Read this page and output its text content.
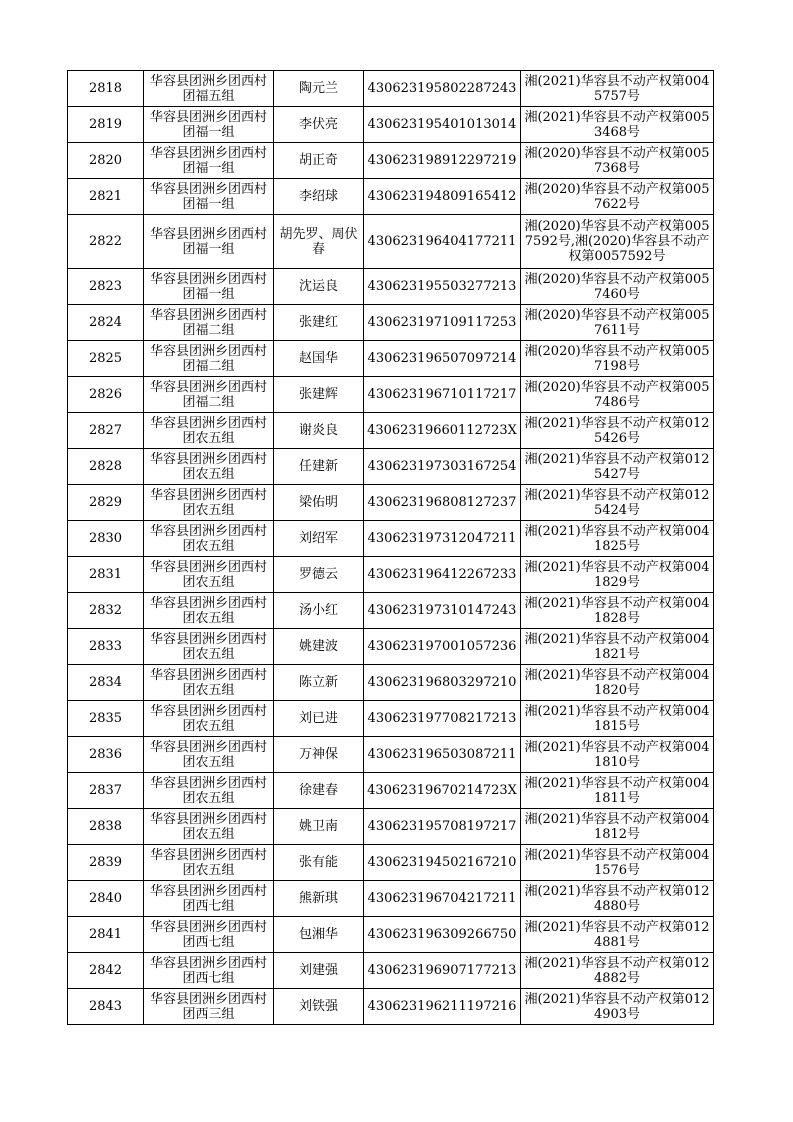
2818	华容县团洲乡团西村团福五组	陶元兰	430623195802287243	湘(2021)华容县不动产权第0045757号
2819	华容县团洲乡团西村团福一组	李伏亮	430623195401013014	湘(2021)华容县不动产权第0053468号
2820	华容县团洲乡团西村团福一组	胡正奇	430623198912297219	湘(2020)华容县不动产权第0057368号
2821	华容县团洲乡团西村团福一组	李绍球	430623194809165412	湘(2020)华容县不动产权第0057622号
2822	华容县团洲乡团西村团福一组	胡先罗、周伏春	430623196404177211	湘(2020)华容县不动产权第0057592号,湘(2020)华容县不动产权第0057592号
2823	华容县团洲乡团西村团福一组	沈运良	430623195503277213	湘(2020)华容县不动产权第0057460号
2824	华容县团洲乡团西村团福二组	张建红	430623197109117253	湘(2020)华容县不动产权第0057611号
2825	华容县团洲乡团西村团福二组	赵国华	430623196507097214	湘(2020)华容县不动产权第0057198号
2826	华容县团洲乡团西村团福二组	张建辉	430623196710117217	湘(2020)华容县不动产权第0057486号
2827	华容县团洲乡团西村团农五组	谢炎良	43062319660112723X	湘(2021)华容县不动产权第0125426号
2828	华容县团洲乡团西村团农五组	任建新	430623197303167254	湘(2021)华容县不动产权第0125427号
2829	华容县团洲乡团西村团农五组	梁佑明	430623196808127237	湘(2021)华容县不动产权第0125424号
2830	华容县团洲乡团西村团农五组	刘绍军	430623197312047211	湘(2021)华容县不动产权第0041825号
2831	华容县团洲乡团西村团农五组	罗德云	430623196412267233	湘(2021)华容县不动产权第0041829号
2832	华容县团洲乡团西村团农五组	汤小红	430623197310147243	湘(2021)华容县不动产权第0041828号
2833	华容县团洲乡团西村团农五组	姚建波	430623197001057236	湘(2021)华容县不动产权第0041821号
2834	华容县团洲乡团西村团农五组	陈立新	430623196803297210	湘(2021)华容县不动产权第0041820号
2835	华容县团洲乡团西村团农五组	刘已进	430623197708217213	湘(2021)华容县不动产权第0041815号
2836	华容县团洲乡团西村团农五组	万神保	430623196503087211	湘(2021)华容县不动产权第0041810号
2837	华容县团洲乡团西村团农五组	徐建春	43062319670214723X	湘(2021)华容县不动产权第0041811号
2838	华容县团洲乡团西村团农五组	姚卫南	430623195708197217	湘(2021)华容县不动产权第0041812号
2839	华容县团洲乡团西村团农五组	张有能	430623194502167210	湘(2021)华容县不动产权第0041576号
2840	华容县团洲乡团西村团西七组	熊新琪	430623196704217211	湘(2021)华容县不动产权第0124880号
2841	华容县团洲乡团西村团西七组	包湘华	430623196309266750	湘(2021)华容县不动产权第0124881号
2842	华容县团洲乡团西村团西七组	刘建强	430623196907177213	湘(2021)华容县不动产权第0124882号
2843	华容县团洲乡团西村团西三组	刘铁强	430623196211197216	湘(2021)华容县不动产权第0124903号
